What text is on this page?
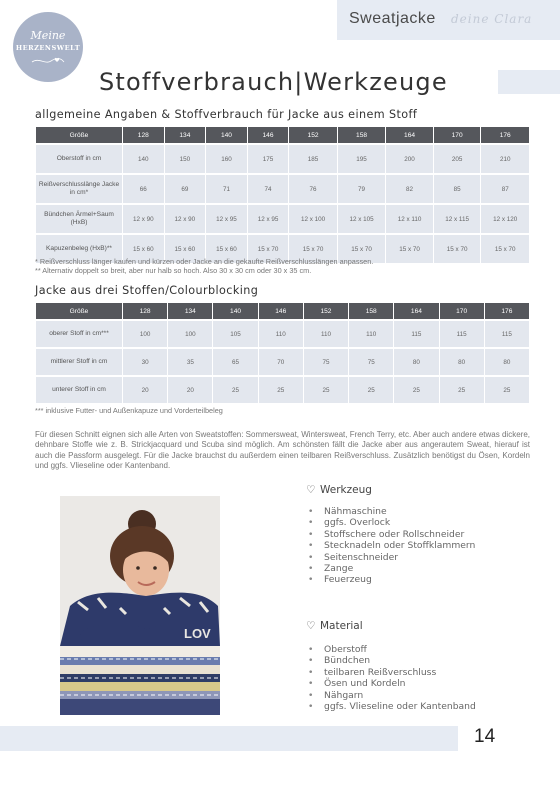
Meine
HERZENSWELT
Sweatjacke deine Clara
Stoffverbrauch|Werkzeuge
allgemeine Angaben & Stoffverbrauch für Jacke aus einem Stoff
Größe	128	134	140	146	152	158	164	170	176

Oberstoff in cm	140	150	160	175	185	195	200	205	210

Reißverschlusslänge Jacke in cm*	66	69	71	74	76	79	82	85	87

Bündchen Ärmel+Saum (HxB)	12 x 90	12 x 90	12 x 95	12 x 95	12 x 100	12 x 105	12 x 110	12 x 115	12 x 120

Kapuzenbeleg (HxB)**	15 x 60	15 x 60	15 x 60	15 x 70	15 x 70	15 x 70	15 x 70	15 x 70	15 x 70
* Reißverschluss länger kaufen und kürzen oder Jacke an die gekaufte Reißverschlusslängen anpassen.
** Alternativ doppelt so breit, aber nur halb so hoch. Also 30 x 30 cm oder 30 x 35 cm.
Jacke aus drei Stoffen/Colourblocking
Größe	128	134	140	146	152	158	164	170	176

oberer Stoff in cm***	100	100	105	110	110	110	115	115	115

mittlerer Stoff in cm	30	35	65	70	75	75	80	80	80

unterer Stoff in cm	20	20	25	25	25	25	25	25	25
*** inklusive Futter- und Außenkapuze und Vorderteilbeleg

Für diesen Schnitt eignen sich alle Arten von Sweatstoffen: Sommersweat, Wintersweat, French Terry, etc. Aber auch andere etwas dickere, dehnbare Stoffe wie z. B. Strickjacquard und Scuba sind möglich. Am schönsten fällt die Jacke aber aus angerautem Sweat, hierauf ist auch die Passform ausgelegt. Für die Jacke brauchst du außerdem einen teilbaren Reißverschluss. Zusätzlich benötigst du Ösen, Kordeln und ggfs. Vlieseline oder Kantenband.

LOV
♡ Werkzeug
• Nähmaschine
• ggfs. Overlock
• Stoffschere oder Rollschneider
• Stecknadeln oder Stoffklammern
• Seitenschneider
• Zange
• Feuerzeug
♡ Material
• Oberstoff
• Bündchen
• teilbaren Reißverschluss
• Ösen und Kordeln
• Nähgarn
• ggfs. Vlieseline oder Kantenband
14
